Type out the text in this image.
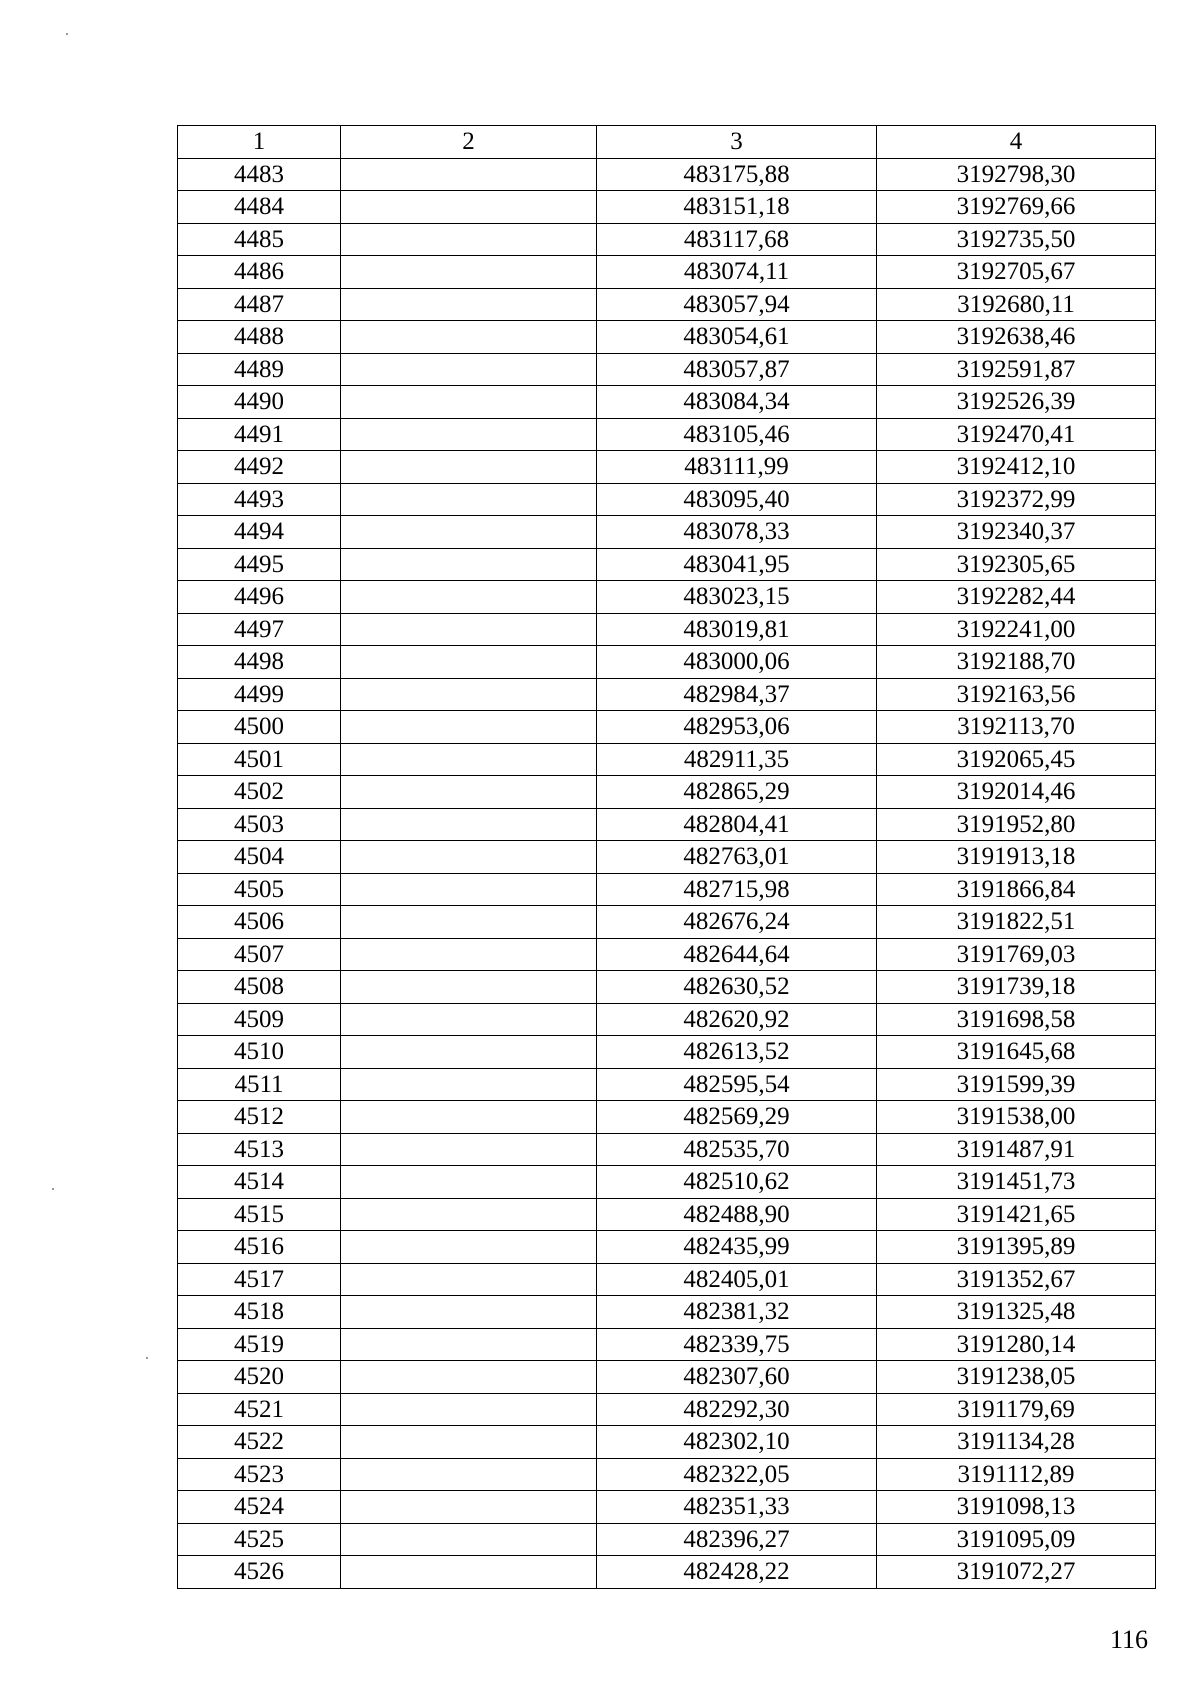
1	2	3	4
4483		483175,88	3192798,30
4484		483151,18	3192769,66
4485		483117,68	3192735,50
4486		483074,11	3192705,67
4487		483057,94	3192680,11
4488		483054,61	3192638,46
4489		483057,87	3192591,87
4490		483084,34	3192526,39
4491		483105,46	3192470,41
4492		483111,99	3192412,10
4493		483095,40	3192372,99
4494		483078,33	3192340,37
4495		483041,95	3192305,65
4496		483023,15	3192282,44
4497		483019,81	3192241,00
4498		483000,06	3192188,70
4499		482984,37	3192163,56
4500		482953,06	3192113,70
4501		482911,35	3192065,45
4502		482865,29	3192014,46
4503		482804,41	3191952,80
4504		482763,01	3191913,18
4505		482715,98	3191866,84
4506		482676,24	3191822,51
4507		482644,64	3191769,03
4508		482630,52	3191739,18
4509		482620,92	3191698,58
4510		482613,52	3191645,68
4511		482595,54	3191599,39
4512		482569,29	3191538,00
4513		482535,70	3191487,91
4514		482510,62	3191451,73
4515		482488,90	3191421,65
4516		482435,99	3191395,89
4517		482405,01	3191352,67
4518		482381,32	3191325,48
4519		482339,75	3191280,14
4520		482307,60	3191238,05
4521		482292,30	3191179,69
4522		482302,10	3191134,28
4523		482322,05	3191112,89
4524		482351,33	3191098,13
4525		482396,27	3191095,09
4526		482428,22	3191072,27
116
